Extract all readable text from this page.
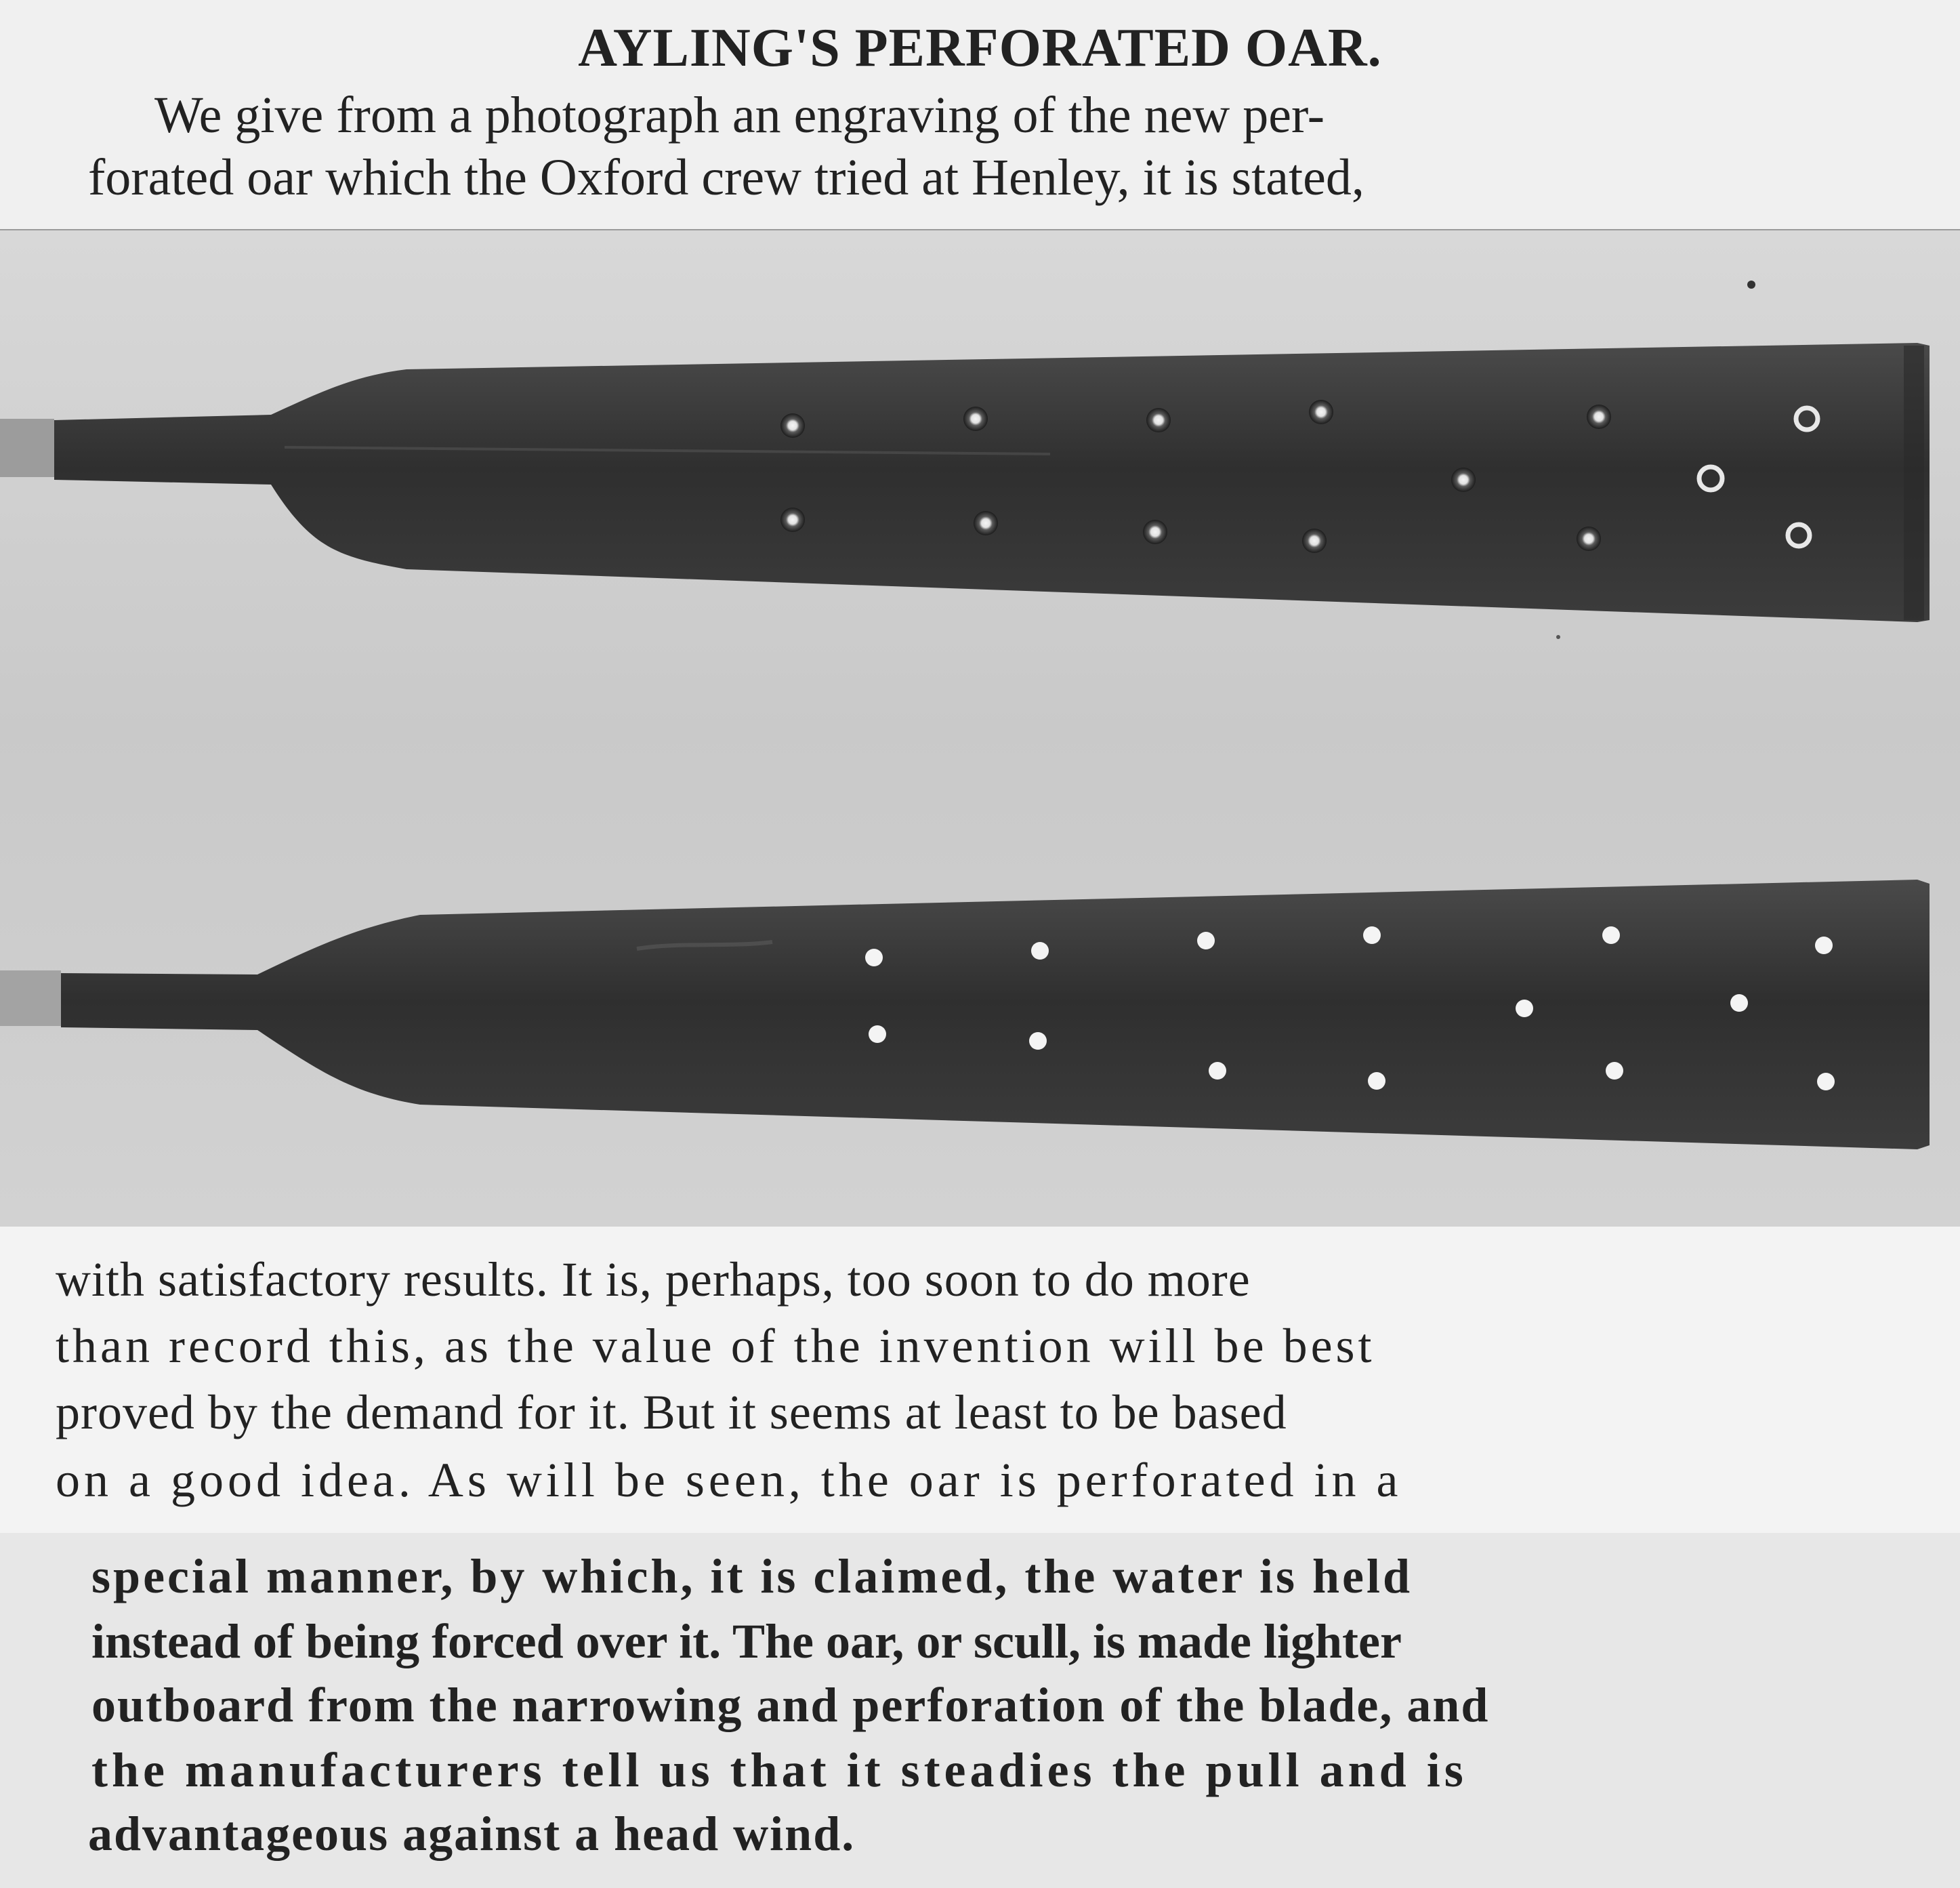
AYLING'S PERFORATED OAR.
We give from a photograph an engraving of the new per-
forated oar which the Oxford crew tried at Henley, it is stated,
with satisfactory results. It is, perhaps, too soon to do more
than record this, as the value of the invention will be best
proved by the demand for it. But it seems at least to be based
on a good idea. As will be seen, the oar is perforated in a
special manner, by which, it is claimed, the water is held
instead of being forced over it. The oar, or scull, is made lighter
outboard from the narrowing and perforation of the blade, and
the manufacturers tell us that it steadies the pull and is
advantageous against a head wind.
